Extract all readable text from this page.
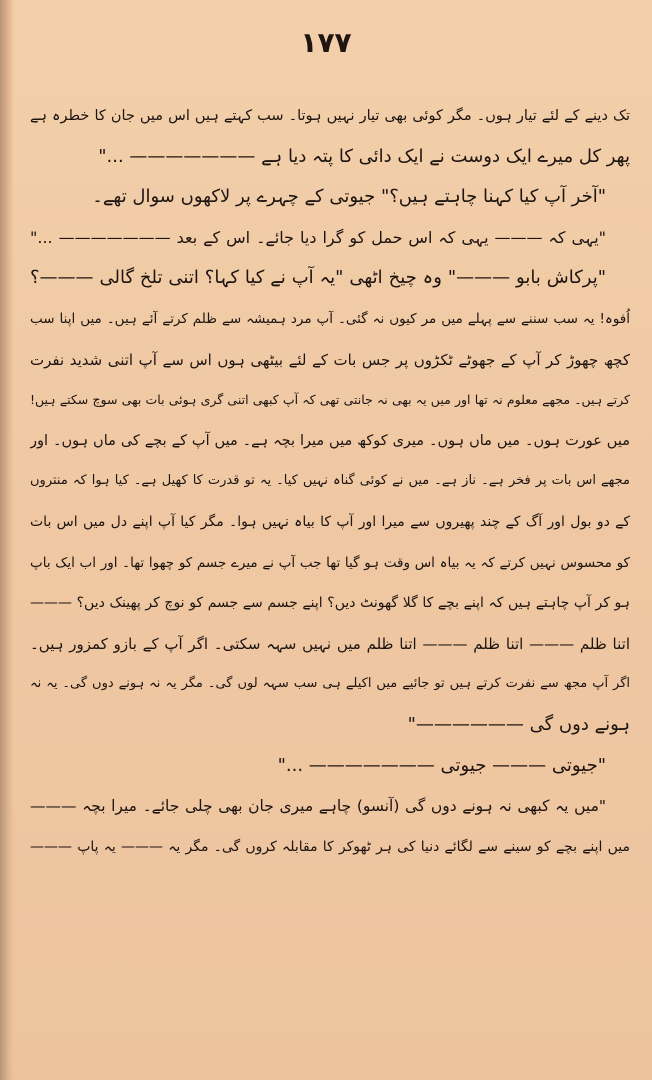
۱۷۷
تک دینے کے لئے تیار ہوں۔ مگر کوئی بھی تیار نہیں ہوتا۔ سب کہتے ہیں اس میں جان کا خطرہ ہے
پھر کل میرے ایک دوست نے ایک دائی کا پتہ دیا ہے ——————— ..."
"آخر آپ کیا کہنا چاہتے ہیں؟" جیوتی کے چہرے پر لاکھوں سوال تھے۔
"یہی کہ ——— یہی کہ اس حمل کو گرا دیا جائے۔ اس کے بعد ——————— ..."
"پرکاش بابو ———" وہ چیخ اٹھی "یہ آپ نے کیا کہا؟ اتنی تلخ گالی ———؟
اُفوہ! یہ سب سننے سے پہلے میں مر کیوں نہ گئی۔ آپ مرد ہمیشہ سے ظلم کرتے آئے ہیں۔ میں اپنا سب
کچھ چھوڑ کر آپ کے جھوٹے ٹکڑوں پر جس بات کے لئے بیٹھی ہوں اس سے آپ اتنی شدید نفرت
کرتے ہیں۔ مجھے معلوم نہ تھا اور میں یہ بھی نہ جانتی تھی کہ آپ کبھی اتنی گری ہوئی بات بھی سوچ سکتے ہیں!
میں عورت ہوں۔ میں ماں ہوں۔ میری کوکھ میں میرا بچہ ہے۔ میں آپ کے بچے کی ماں ہوں۔ اور
مجھے اس بات پر فخر ہے۔ ناز ہے۔ میں نے کوئی گناہ نہیں کیا۔ یہ تو قدرت کا کھیل ہے۔ کیا ہوا کہ منتروں
کے دو بول اور آگ کے چند پھیروں سے میرا اور آپ کا بیاہ نہیں ہوا۔ مگر کیا آپ اپنے دل میں اس بات
کو محسوس نہیں کرتے کہ یہ بیاہ اس وقت ہو گیا تھا جب آپ نے میرے جسم کو چھوا تھا۔ اور اب ایک باپ
ہو کر آپ چاہتے ہیں کہ اپنے بچے کا گلا گھونٹ دیں؟ اپنے جسم سے جسم کو نوچ کر پھینک دیں؟ ———
اتنا ظلم ——— اتنا ظلم ——— اتنا ظلم میں نہیں سہہ سکتی۔ اگر آپ کے بازو کمزور ہیں۔
اگر آپ مجھ سے نفرت کرتے ہیں تو جائیے میں اکیلے ہی سب سہہ لوں گی۔ مگر یہ نہ ہونے دوں گی۔ یہ نہ
ہونے دوں گی ——————"
"جیوتی ——— جیوتی ——————— ..."
"میں یہ کبھی نہ ہونے دوں گی (آنسو) چاہے میری جان بھی چلی جائے۔ میرا بچہ ———
میں اپنے بچے کو سینے سے لگائے دنیا کی ہر ٹھوکر کا مقابلہ کروں گی۔ مگر یہ ——— یہ پاپ ———
